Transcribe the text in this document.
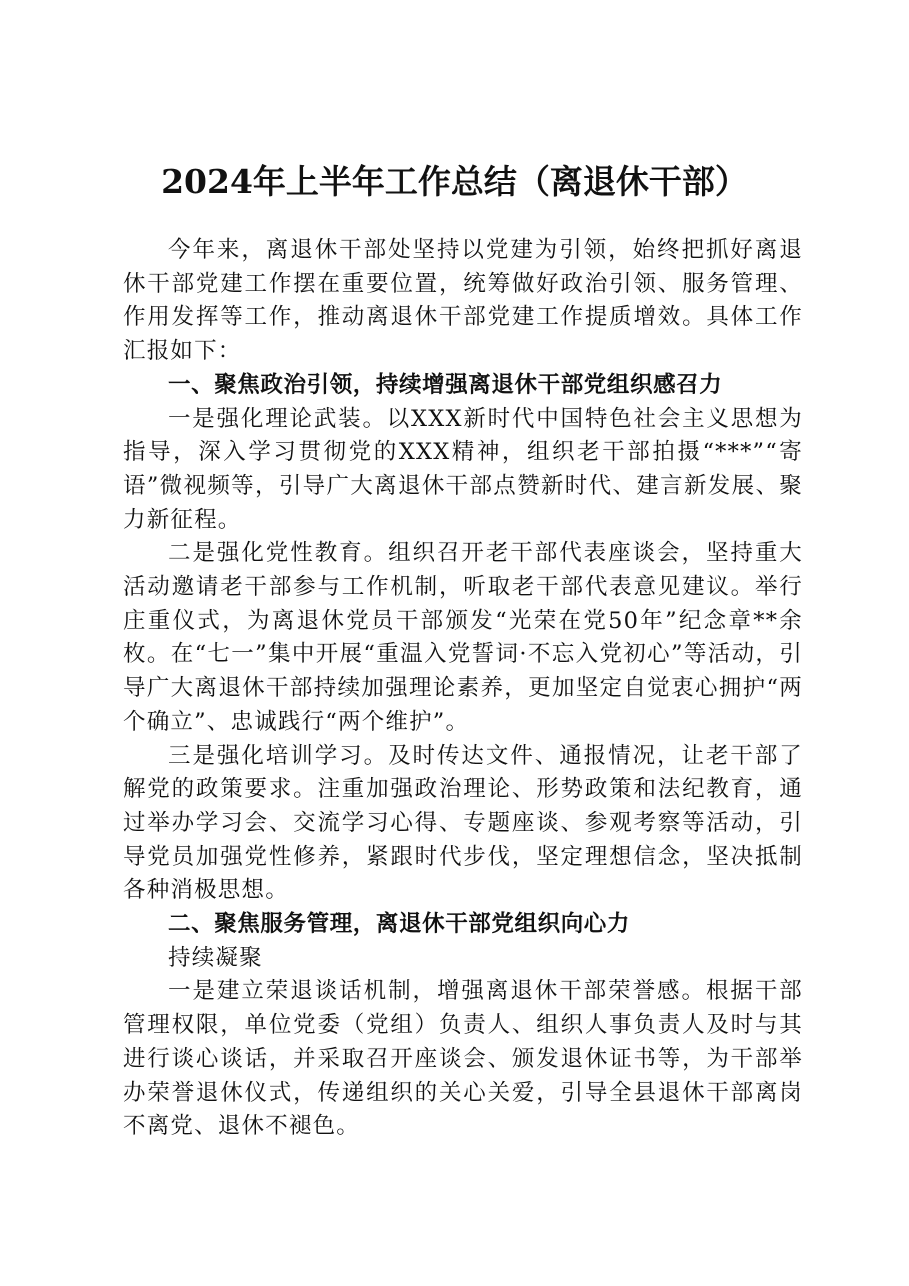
2024年上半年工作总结（离退休干部）

今年来，离退休干部处坚持以党建为引领，始终把抓好离退休干部党建工作摆在重要位置，统筹做好政治引领、服务管理、作用发挥等工作，推动离退休干部党建工作提质增效。具体工作汇报如下：

一、聚焦政治引领，持续增强离退休干部党组织感召力

一是强化理论武装。以XXX新时代中国特色社会主义思想为指导，深入学习贯彻党的XXX精神，组织老干部拍摄“***”“寄语”微视频等，引导广大离退休干部点赞新时代、建言新发展、聚力新征程。

二是强化党性教育。组织召开老干部代表座谈会，坚持重大活动邀请老干部参与工作机制，听取老干部代表意见建议。举行庄重仪式，为离退休党员干部颁发“光荣在党50年”纪念章**余枚。在“七一”集中开展“重温入党誓词·不忘入党初心”等活动，引导广大离退休干部持续加强理论素养，更加坚定自觉衷心拥护“两个确立”、忠诚践行“两个维护”。

三是强化培训学习。及时传达文件、通报情况，让老干部了解党的政策要求。注重加强政治理论、形势政策和法纪教育，通过举办学习会、交流学习心得、专题座谈、参观考察等活动，引导党员加强党性修养，紧跟时代步伐，坚定理想信念，坚决抵制各种消极思想。

二、聚焦服务管理，离退休干部党组织向心力

持续凝聚

一是建立荣退谈话机制，增强离退休干部荣誉感。根据干部管理权限，单位党委（党组）负责人、组织人事负责人及时与其进行谈心谈话，并采取召开座谈会、颁发退休证书等，为干部举办荣誉退休仪式，传递组织的关心关爱，引导全县退休干部离岗不离党、退休不褪色。
